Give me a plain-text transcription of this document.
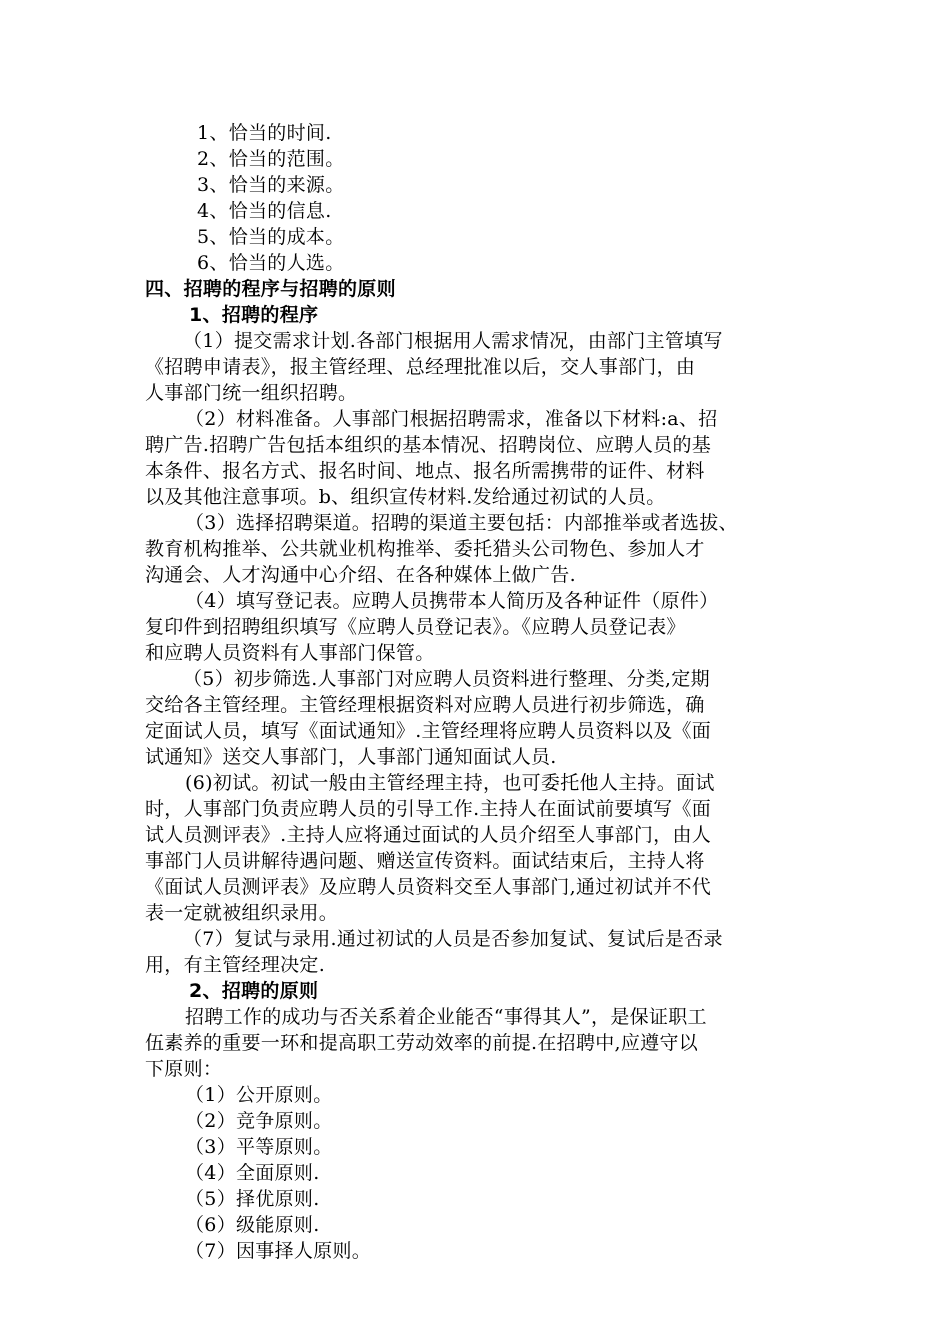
1、恰当的时间.
2、恰当的范围。
3、恰当的来源。
4、恰当的信息.
5、恰当的成本。
6、恰当的人选。
四、招聘的程序与招聘的原则
1、招聘的程序
（1）提交需求计划.各部门根据用人需求情况，由部门主管填写
《招聘申请表》，报主管经理、总经理批准以后，交人事部门，由
人事部门统一组织招聘。
（2）材料准备。人事部门根据招聘需求，准备以下材料:a、招
聘广告.招聘广告包括本组织的基本情况、招聘岗位、应聘人员的基
本条件、报名方式、报名时间、地点、报名所需携带的证件、材料
以及其他注意事项。b、组织宣传材料.发给通过初试的人员。
（3）选择招聘渠道。招聘的渠道主要包括：内部推举或者选拔、
教育机构推举、公共就业机构推举、委托猎头公司物色、参加人才
沟通会、人才沟通中心介绍、在各种媒体上做广告.
（4）填写登记表。应聘人员携带本人简历及各种证件（原件）
复印件到招聘组织填写《应聘人员登记表》。《应聘人员登记表》
和应聘人员资料有人事部门保管。
（5）初步筛选.人事部门对应聘人员资料进行整理、分类,定期
交给各主管经理。主管经理根据资料对应聘人员进行初步筛选，确
定面试人员，填写《面试通知》.主管经理将应聘人员资料以及《面
试通知》送交人事部门，人事部门通知面试人员.
(6)初试。初试一般由主管经理主持，也可委托他人主持。面试
时，人事部门负责应聘人员的引导工作.主持人在面试前要填写《面
试人员测评表》.主持人应将通过面试的人员介绍至人事部门，由人
事部门人员讲解待遇问题、赠送宣传资料。面试结束后，主持人将
《面试人员测评表》及应聘人员资料交至人事部门,通过初试并不代
表一定就被组织录用。
（7）复试与录用.通过初试的人员是否参加复试、复试后是否录
用，有主管经理决定.
2、招聘的原则
招聘工作的成功与否关系着企业能否“事得其人”，是保证职工
伍素养的重要一环和提高职工劳动效率的前提.在招聘中,应遵守以
下原则：
（1）公开原则。
（2）竞争原则。
（3）平等原则。
（4）全面原则.
（5）择优原则.
（6）级能原则.
（7）因事择人原则。
